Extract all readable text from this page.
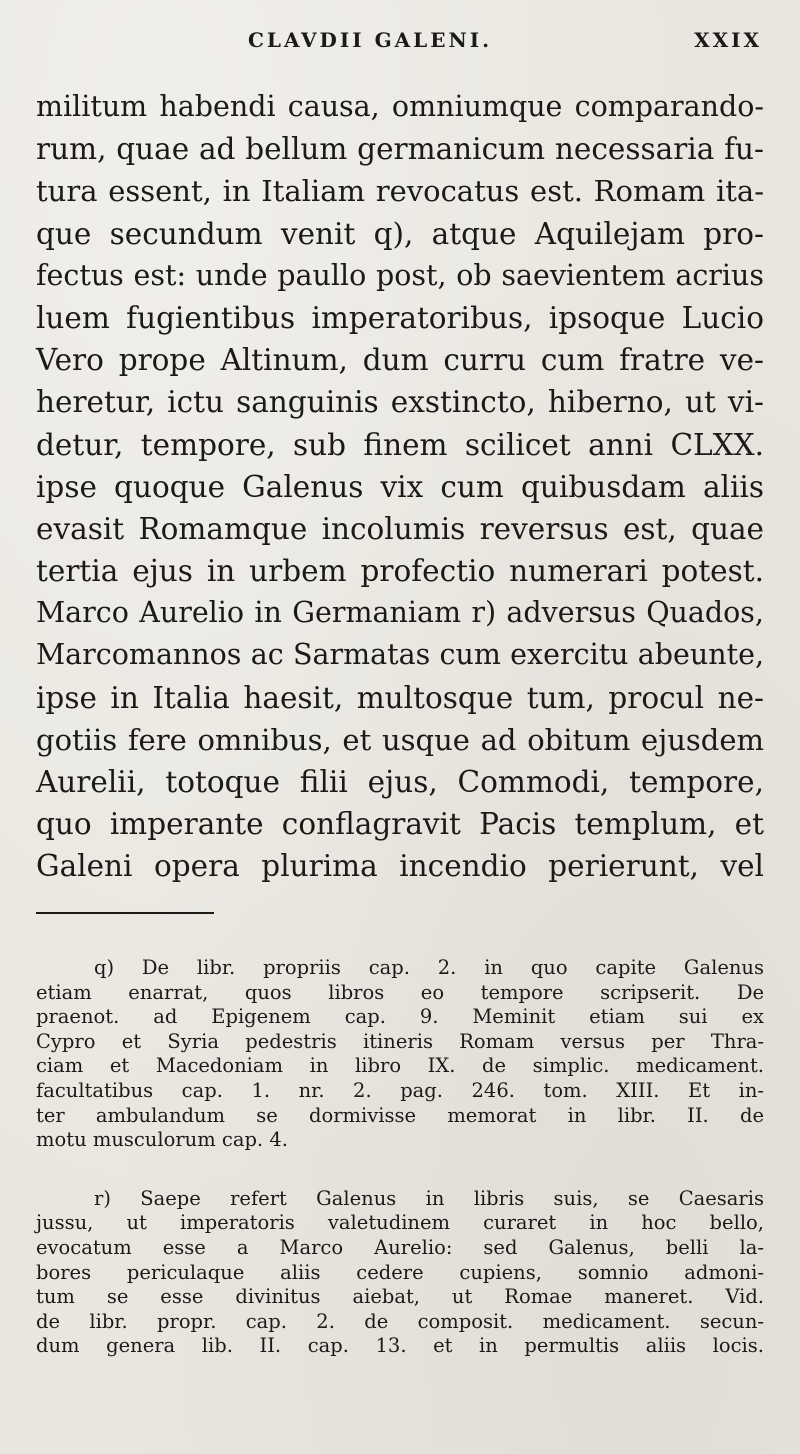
CLAVDII GALENI.	XXIX
militum habendi causa, omniumque comparando-
rum, quae ad bellum germanicum necessaria fu-
tura essent, in Italiam revocatus est. Romam ita-
que secundum venit q), atque Aquilejam pro-
fectus est: unde paullo post, ob saevientem acrius
luem fugientibus imperatoribus, ipsoque Lucio
Vero prope Altinum, dum curru cum fratre ve-
heretur, ictu sanguinis exstincto, hiberno, ut vi-
detur, tempore, sub finem scilicet anni CLXX.
ipse quoque Galenus vix cum quibusdam aliis
evasit Romamque incolumis reversus est, quae
tertia ejus in urbem profectio numerari potest.
Marco Aurelio in Germaniam r) adversus Quados,
Marcomannos ac Sarmatas cum exercitu abeunte,
ipse in Italia haesit, multosque tum, procul ne-
gotiis fere omnibus, et usque ad obitum ejusdem
Aurelii, totoque filii ejus, Commodi, tempore,
quo imperante conflagravit Pacis templum, et
Galeni opera plurima incendio perierunt, vel
q) De libr. propriis cap. 2. in quo capite Galenus
etiam enarrat, quos libros eo tempore scripserit. De
praenot. ad Epigenem cap. 9. Meminit etiam sui ex
Cypro et Syria pedestris itineris Romam versus per Thra-
ciam et Macedoniam in libro IX. de simplic. medicament.
facultatibus cap. 1. nr. 2. pag. 246. tom. XIII. Et in-
ter ambulandum se dormivisse memorat in libr. II. de
motu musculorum cap. 4.
r) Saepe refert Galenus in libris suis, se Caesaris
jussu, ut imperatoris valetudinem curaret in hoc bello,
evocatum esse a Marco Aurelio: sed Galenus, belli la-
bores periculaque aliis cedere cupiens, somnio admoni-
tum se esse divinitus aiebat, ut Romae maneret. Vid.
de libr. propr. cap. 2. de composit. medicament. secun-
dum genera lib. II. cap. 13. et in permultis aliis locis.
